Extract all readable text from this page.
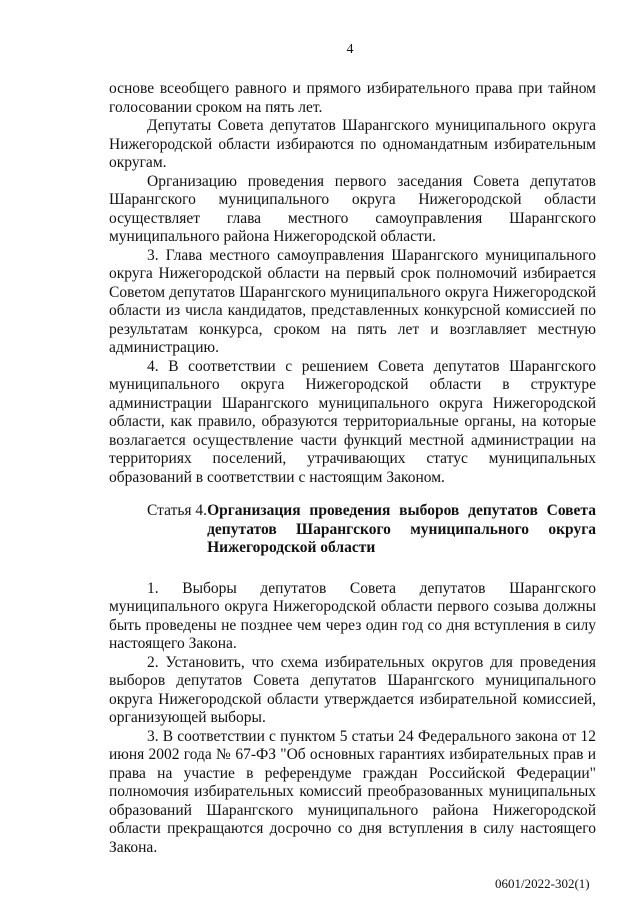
4

основе всеобщего равного и прямого избирательного права при тайном голосовании сроком на пять лет.

Депутаты Совета депутатов Шарангского муниципального округа Нижегородской области избираются по одномандатным избирательным округам.

Организацию проведения первого заседания Совета депутатов Шарангского муниципального округа Нижегородской области осуществляет глава местного самоуправления Шарангского муниципального района Нижегородской области.

3. Глава местного самоуправления Шарангского муниципального округа Нижегородской области на первый срок полномочий избирается Советом депутатов Шарангского муниципального округа Нижегородской области из числа кандидатов, представленных конкурсной комиссией по результатам конкурса, сроком на пять лет и возглавляет местную администрацию.

4. В соответствии с решением Совета депутатов Шарангского муниципального округа Нижегородской области в структуре администрации Шарангского муниципального округа Нижегородской области, как правило, образуются территориальные органы, на которые возлагается осуществление части функций местной администрации на территориях поселений, утрачивающих статус муниципальных образований в соответствии с настоящим Законом.

Статья 4. Организация проведения выборов депутатов Совета депутатов Шарангского муниципального округа Нижегородской области

1. Выборы депутатов Совета депутатов Шарангского муниципального округа Нижегородской области первого созыва должны быть проведены не позднее чем через один год со дня вступления в силу настоящего Закона.

2. Установить, что схема избирательных округов для проведения выборов депутатов Совета депутатов Шарангского муниципального округа Нижегородской области утверждается избирательной комиссией, организующей выборы.

3. В соответствии с пунктом 5 статьи 24 Федерального закона от 12 июня 2002 года № 67-ФЗ "Об основных гарантиях избирательных прав и права на участие в референдуме граждан Российской Федерации" полномочия избирательных комиссий преобразованных муниципальных образований Шарангского муниципального района Нижегородской области прекращаются досрочно со дня вступления в силу настоящего Закона.

0601/2022-302(1)
